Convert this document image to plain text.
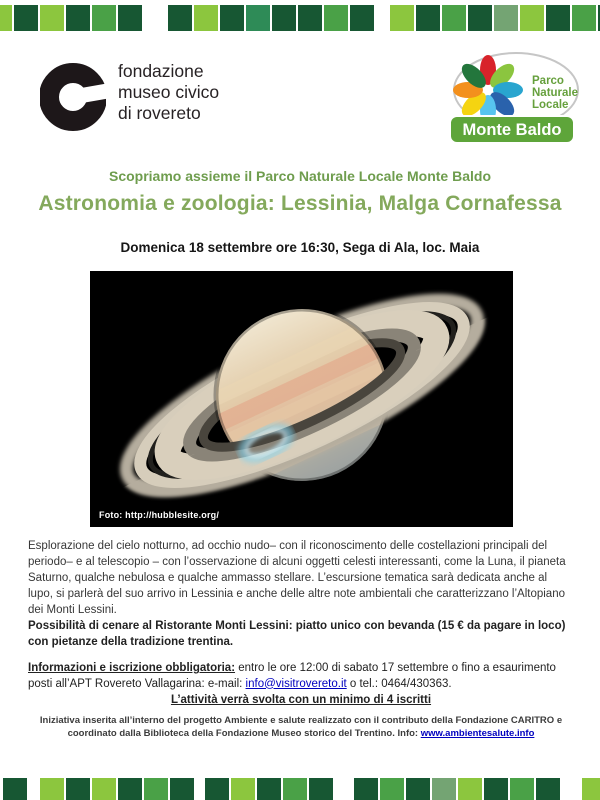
fondazione
museo civico
di rovereto
Parco
Naturale
Locale
Monte Baldo
Scopriamo assieme il Parco Naturale Locale Monte Baldo
Astronomia e zoologia: Lessinia, Malga Cornafessa
Domenica 18 settembre ore 16:30, Sega di Ala, loc. Maia
Foto: http://hubblesite.org/

Esplorazione del cielo notturno, ad occhio nudo– con il riconoscimento delle costellazioni principali del periodo– e al telescopio – con l’osservazione di alcuni oggetti celesti interessanti, come la Luna, il pianeta Saturno, qualche nebulosa e qualche ammasso stellare. L’escursione tematica sarà dedicata anche al lupo, si parlerà del suo arrivo in Lessinia e anche delle altre note ambientali che caratterizzano l’Altopiano dei Monti Lessini.

Possibilità di cenare al Ristorante Monti Lessini: piatto unico con bevanda (15 € da pagare in loco) con pietanze della tradizione trentina.

Informazioni e iscrizione obbligatoria: entro le ore 12:00 di sabato 17 settembre o fino a esaurimento posti all’APT Rovereto Vallagarina: e-mail: info@visitrovereto.it o tel.: 0464/430363.

L’attività verrà svolta con un minimo di 4 iscritti

Iniziativa inserita all’interno del progetto Ambiente e salute realizzato con il contributo della Fondazione CARITRO e coordinato dalla Biblioteca della Fondazione Museo storico del Trentino. Info: www.ambientesalute.info
